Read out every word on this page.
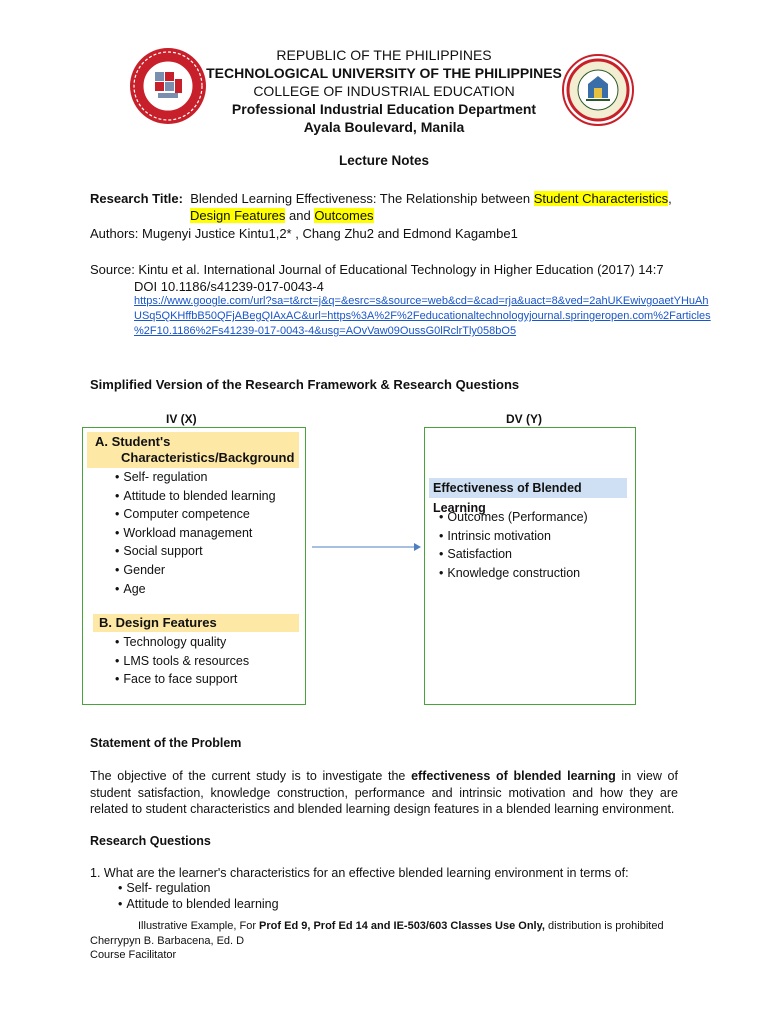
REPUBLIC OF THE PHILIPPINES
TECHNOLOGICAL UNIVERSITY OF THE PHILIPPINES
COLLEGE OF INDUSTRIAL EDUCATION
Professional Industrial Education Department
Ayala Boulevard, Manila
Lecture Notes
Research Title: Blended Learning Effectiveness: The Relationship between Student Characteristics,
Design Features and Outcomes
Authors: Mugenyi Justice Kintu1,2* , Chang Zhu2 and Edmond Kagambe1
Source: Kintu et al. International Journal of Educational Technology in Higher Education (2017) 14:7
DOI 10.1186/s41239-017-0043-4
https://www.google.com/url?sa=t&rct=j&q=&esrc=s&source=web&cd=&cad=rja&uact=8&ved=2ahUKEwivgoaetYHuAh
USq5QKHffbB50QFjABegQIAxAC&url=https%3A%2F%2Feducationaltechnologyjournal.springeropen.com%2Farticles
%2F10.1186%2Fs41239-017-0043-4&usg=AOvVaw09OussG0lRclrTly058bO5
Simplified Version of the Research Framework & Research Questions
IV (X)	DV (Y)
A. Student's
Characteristics/Background
• Self- regulation
• Attitude to blended learning
• Computer competence
• Workload management
• Social support
• Gender
• Age
B. Design Features
• Technology quality
• LMS tools & resources
• Face to face support
Effectiveness of Blended Learning
• Outcomes (Performance)
• Intrinsic motivation
• Satisfaction
• Knowledge construction
Statement of the Problem
The objective of the current study is to investigate the effectiveness of blended learning in view of student satisfaction, knowledge construction, performance and intrinsic motivation and how they are related to student characteristics and blended learning design features in a blended learning environment.
Research Questions
1. What are the learner's characteristics for an effective blended learning environment in terms of:
• Self- regulation
• Attitude to blended learning
Illustrative Example, For Prof Ed 9, Prof Ed 14 and IE-503/603 Classes Use Only, distribution is prohibited
Cherrypyn B. Barbacena, Ed. D
Course Facilitator
